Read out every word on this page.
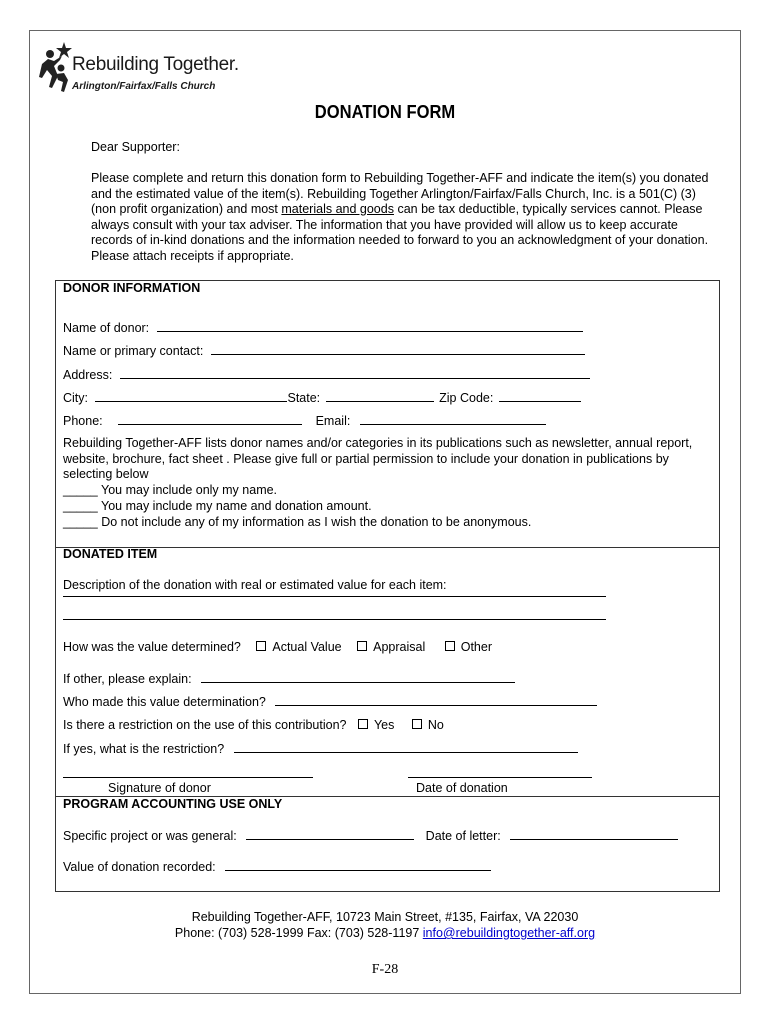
Rebuilding Together.
Arlington/Fairfax/Falls Church
DONATION FORM
Dear Supporter:
Please complete and return this donation form to Rebuilding Together-AFF and indicate the item(s) you donated and the estimated value of the item(s). Rebuilding Together Arlington/Fairfax/Falls Church, Inc. is a 501(C) (3) (non profit organization) and most materials and goods can be tax deductible, typically services cannot. Please always consult with your tax adviser. The information that you have provided will allow us to keep accurate records of in-kind donations and the information needed to forward to you an acknowledgment of your donation. Please attach receipts if appropriate.
DONOR INFORMATION
Name of donor:
Name or primary contact:
Address:
City:	State:	Zip Code:
Phone:	Email:
Rebuilding Together-AFF lists donor names and/or categories in its publications such as newsletter, annual report, website, brochure, fact sheet . Please give full or partial permission to include your donation in publications by selecting below
_____ You may include only my name.
_____ You may include my name and donation amount.
_____ Do not include any of my information as I wish the donation to be anonymous.
DONATED ITEM
Description of the donation with real or estimated value for each item:
How was the value determined?	Actual Value	Appraisal	Other
If other, please explain:
Who made this value determination?
Is there a restriction on the use of this contribution? Yes	No
If yes, what is the restriction?
Signature of donor	Date of donation
PROGRAM ACCOUNTING USE ONLY
Specific project or was general:	Date of letter:
Value of donation recorded:
Rebuilding Together-AFF, 10723 Main Street, #135, Fairfax, VA 22030
Phone: (703) 528-1999 Fax: (703) 528-1197 info@rebuildingtogether-aff.org
F-28
